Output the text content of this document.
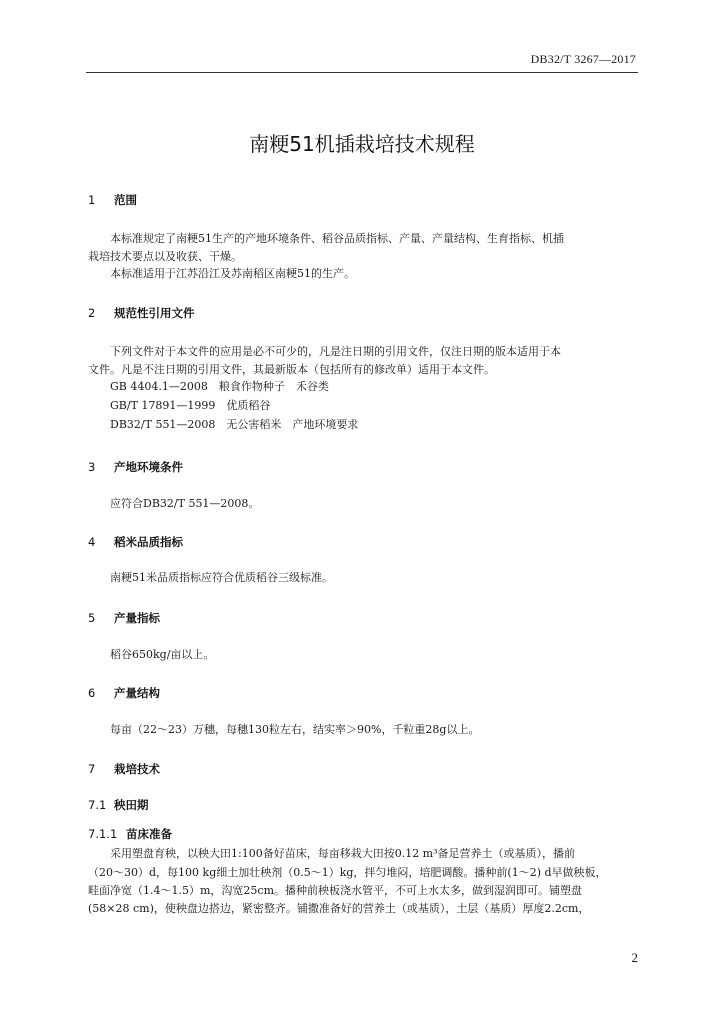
DB32/T 3267—2017
南粳51机插栽培技术规程
1 范围
本标准规定了南粳51生产的产地环境条件、稻谷品质指标、产量、产量结构、生育指标、机插
栽培技术要点以及收获、干燥。
本标准适用于江苏沿江及苏南稻区南粳51的生产。
2 规范性引用文件
下列文件对于本文件的应用是必不可少的，凡是注日期的引用文件，仅注日期的版本适用于本
文件。凡是不注日期的引用文件，其最新版本（包括所有的修改单）适用于本文件。
GB 4404.1—2008　粮食作物种子　禾谷类
GB/T 17891—1999　优质稻谷
DB32/T 551—2008　无公害稻米　产地环境要求
3 产地环境条件
应符合DB32/T 551—2008。
4 稻米品质指标
南粳51米品质指标应符合优质稻谷三级标准。
5 产量指标
稻谷650kg/亩以上。
6 产量结构
每亩（22～23）万穗，每穗130粒左右，结实率＞90%，千粒重28g以上。
7 栽培技术
7.1 秧田期
7.1.1 苗床准备
采用塑盘育秧，以秧大田1:100备好苗床，每亩移栽大田按0.12 m³备足营养土（或基质），播前
（20～30）d，每100 kg细土加壮秧剂（0.5～1）kg，拌匀堆闷，培肥调酸。播种前(1～2) d早做秧板，
畦面净宽（1.4～1.5）m，沟宽25cm。播种前秧板浇水管平，不可上水太多，做到湿润即可。铺塑盘
(58×28 cm)，使秧盘边搭边，紧密整齐。铺撒准备好的营养土（或基质），土层（基质）厚度2.2cm，
2
